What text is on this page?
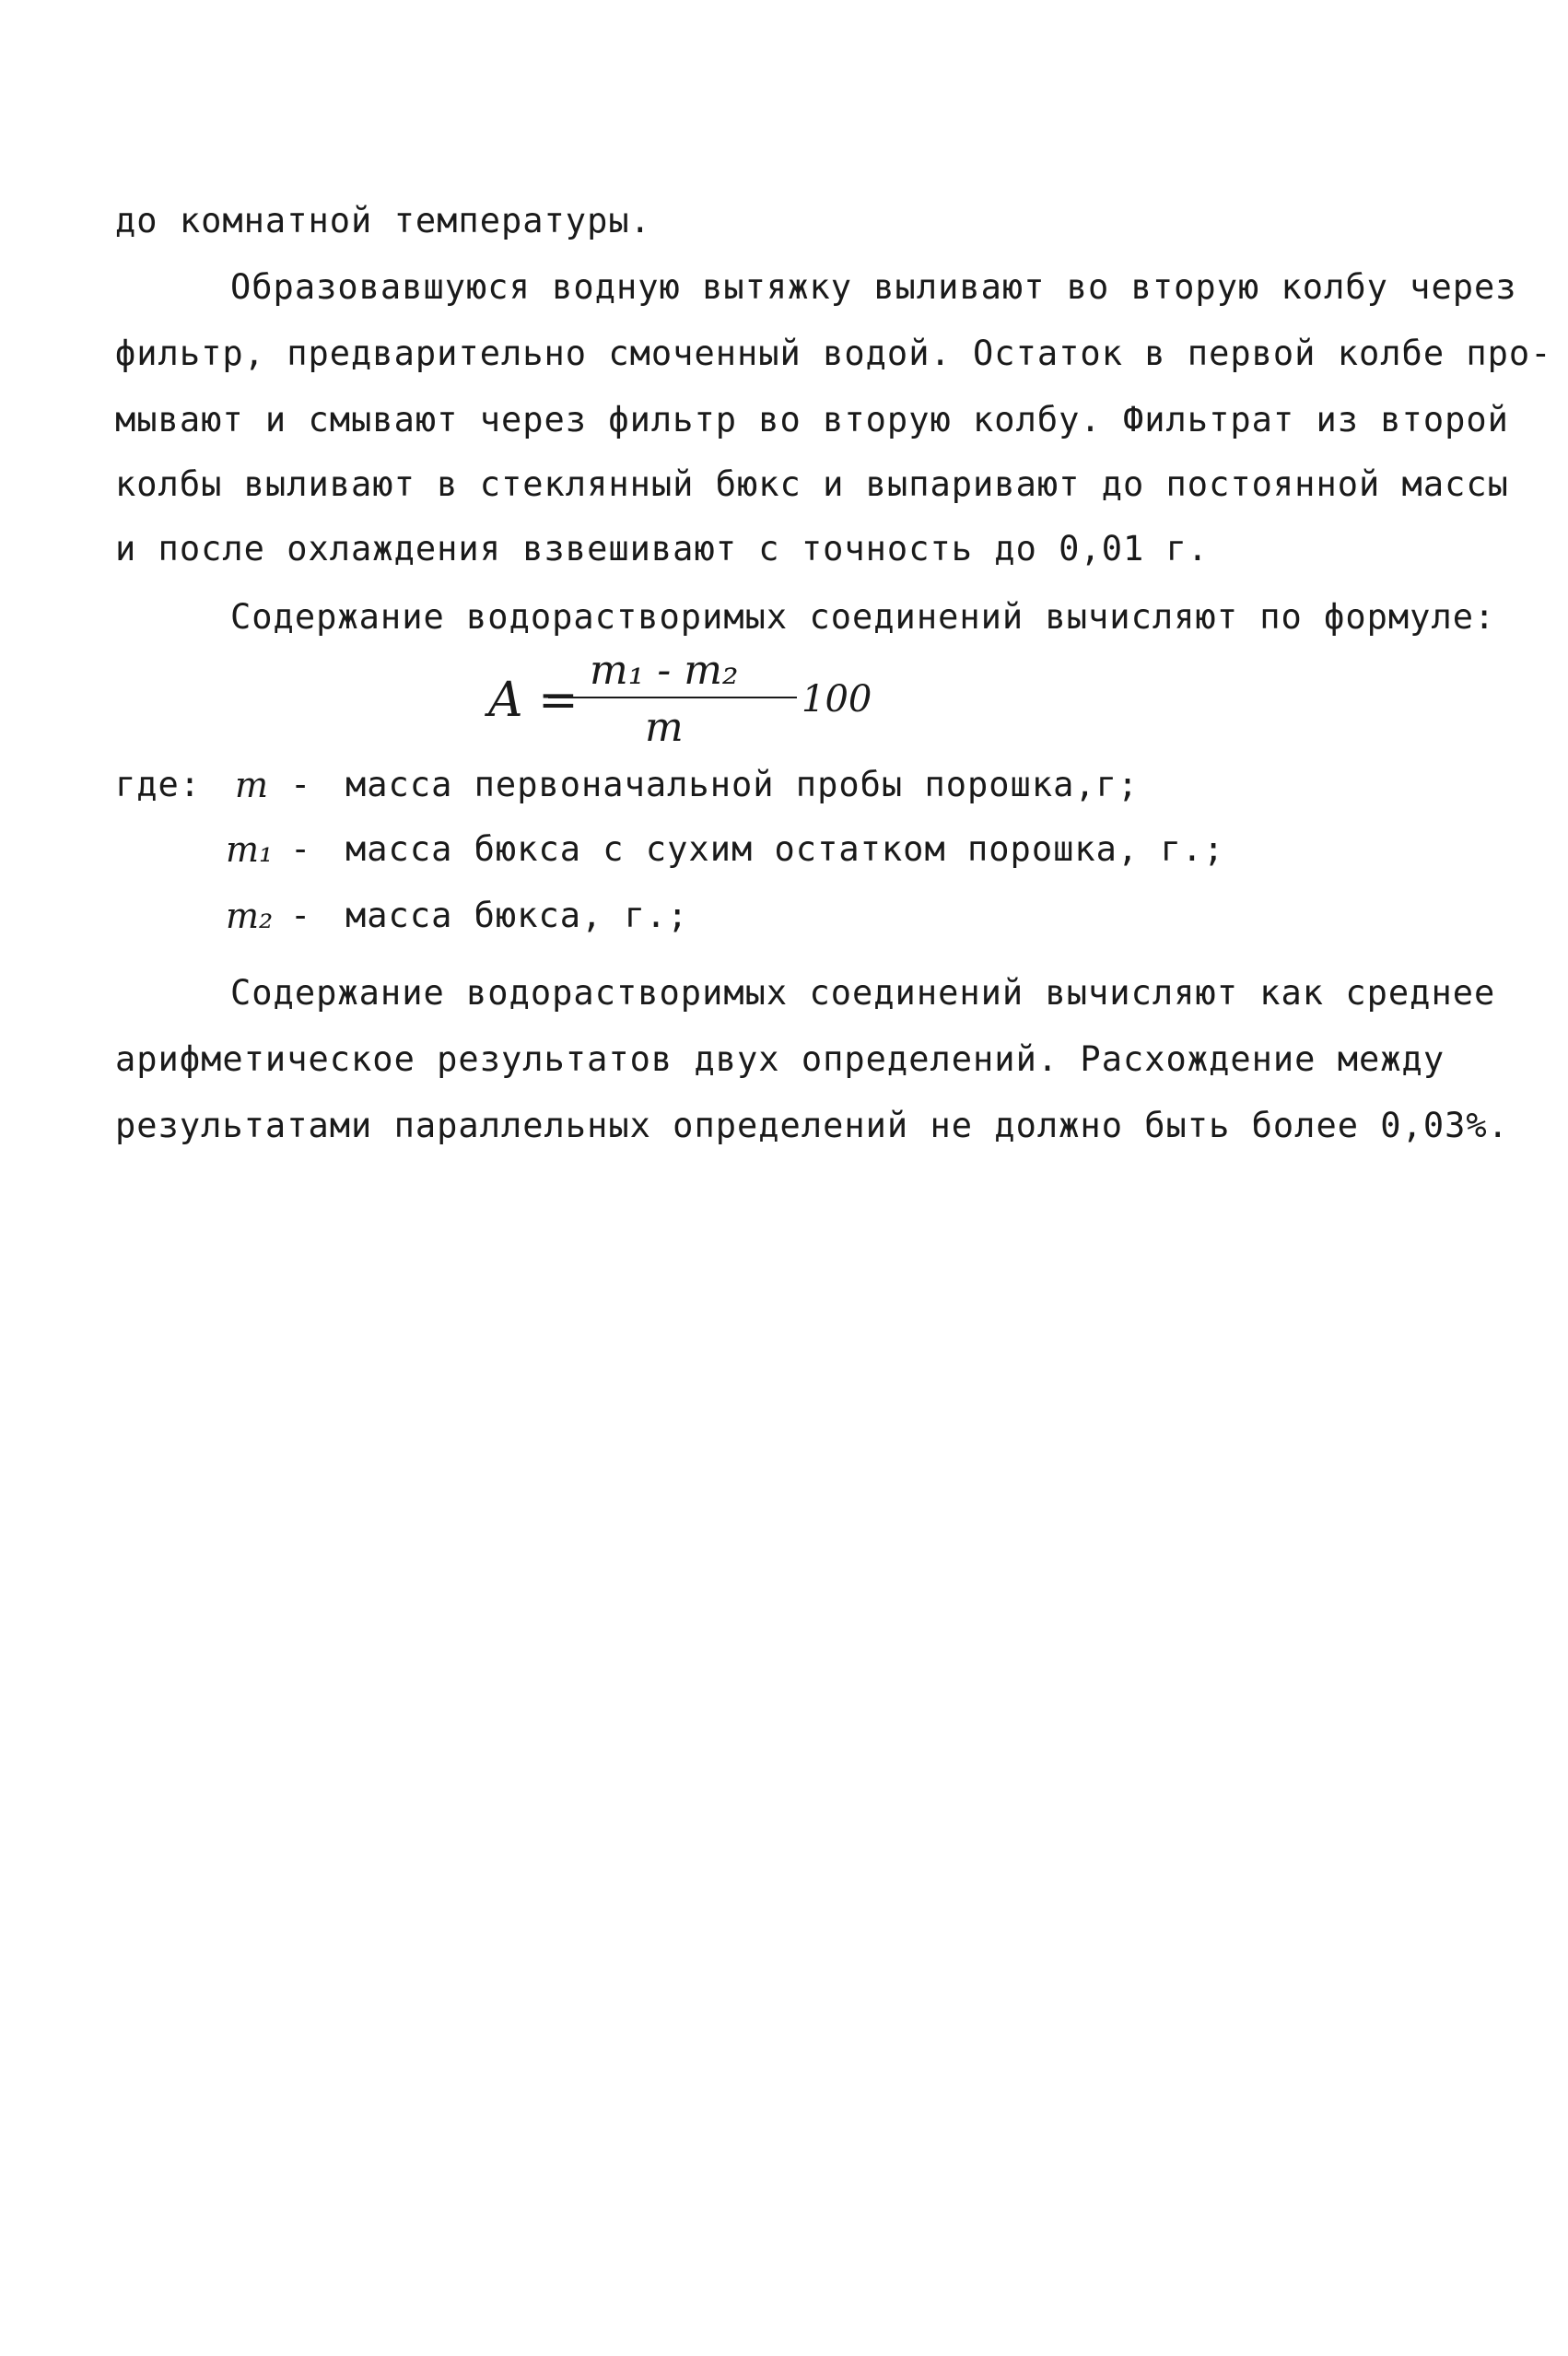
до комнатной температуры.
Образовавшуюся водную вытяжку выливают во вторую колбу через
фильтр, предварительно смоченный водой. Остаток в первой колбе про-
мывают и смывают через фильтр во вторую колбу. Фильтрат из второй
колбы выливают в стеклянный бюкс и выпаривают до постоянной массы
и после охлаждения взвешивают с точность до 0,01 г.
Содержание водорастворимых соединений вычисляют по формуле:
A =
m₁ - m₂
m
100
где: m - масса первоначальной пробы порошка,г;
m₁ - масса бюкса с сухим остатком порошка, г.;
m₂ - масса бюкса, г.;
Содержание водорастворимых соединений вычисляют как среднее
арифметическое результатов двух определений. Расхождение между
результатами параллельных определений не должно быть более 0,03%.
